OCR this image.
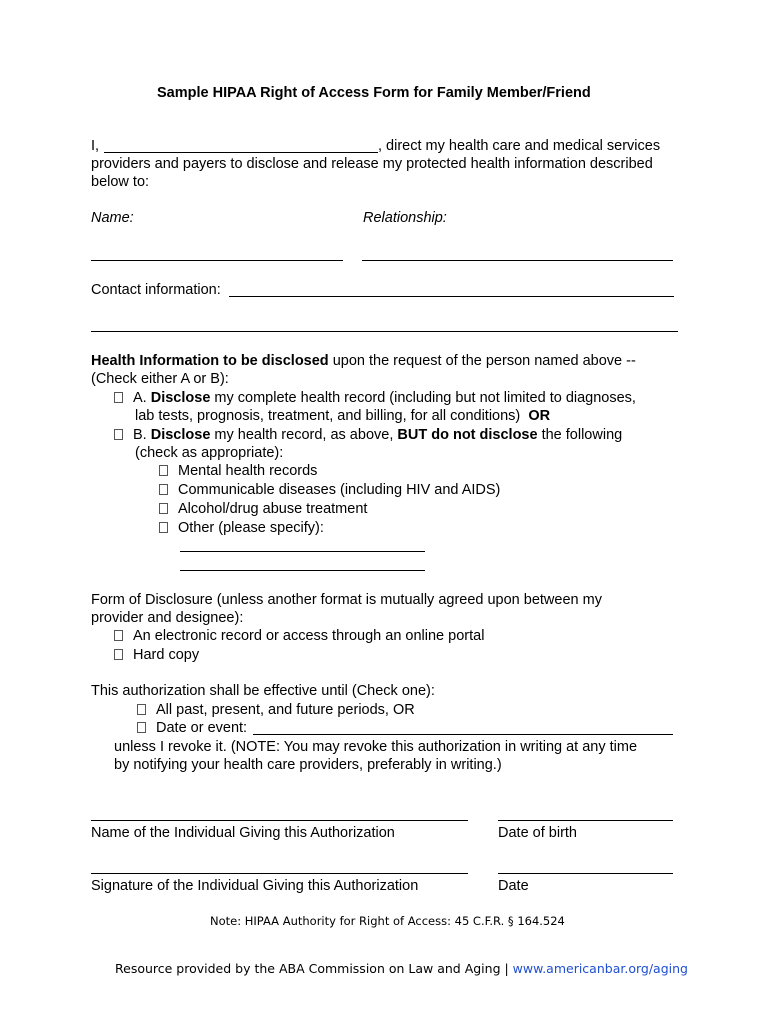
Sample HIPAA Right of Access Form for Family Member/Friend
I,	, direct my health care and medical services
providers and payers to disclose and release my protected health information described
below to:
Name:	Relationship:
Contact information:
Health Information to be disclosed upon the request of the person named above --
(Check either A or B):
A. Disclose my complete health record (including but not limited to diagnoses,
lab tests, prognosis, treatment, and billing, for all conditions) OR
B. Disclose my health record, as above, BUT do not disclose the following
(check as appropriate):
Mental health records
Communicable diseases (including HIV and AIDS)
Alcohol/drug abuse treatment
Other (please specify):
Form of Disclosure (unless another format is mutually agreed upon between my
provider and designee):
An electronic record or access through an online portal
Hard copy
This authorization shall be effective until (Check one):
All past, present, and future periods, OR
Date or event:
unless I revoke it. (NOTE: You may revoke this authorization in writing at any time
by notifying your health care providers, preferably in writing.)
Name of the Individual Giving this Authorization	Date of birth
Signature of the Individual Giving this Authorization	Date
Note: HIPAA Authority for Right of Access: 45 C.F.R. § 164.524
Resource provided by the ABA Commission on Law and Aging | www.americanbar.org/aging
